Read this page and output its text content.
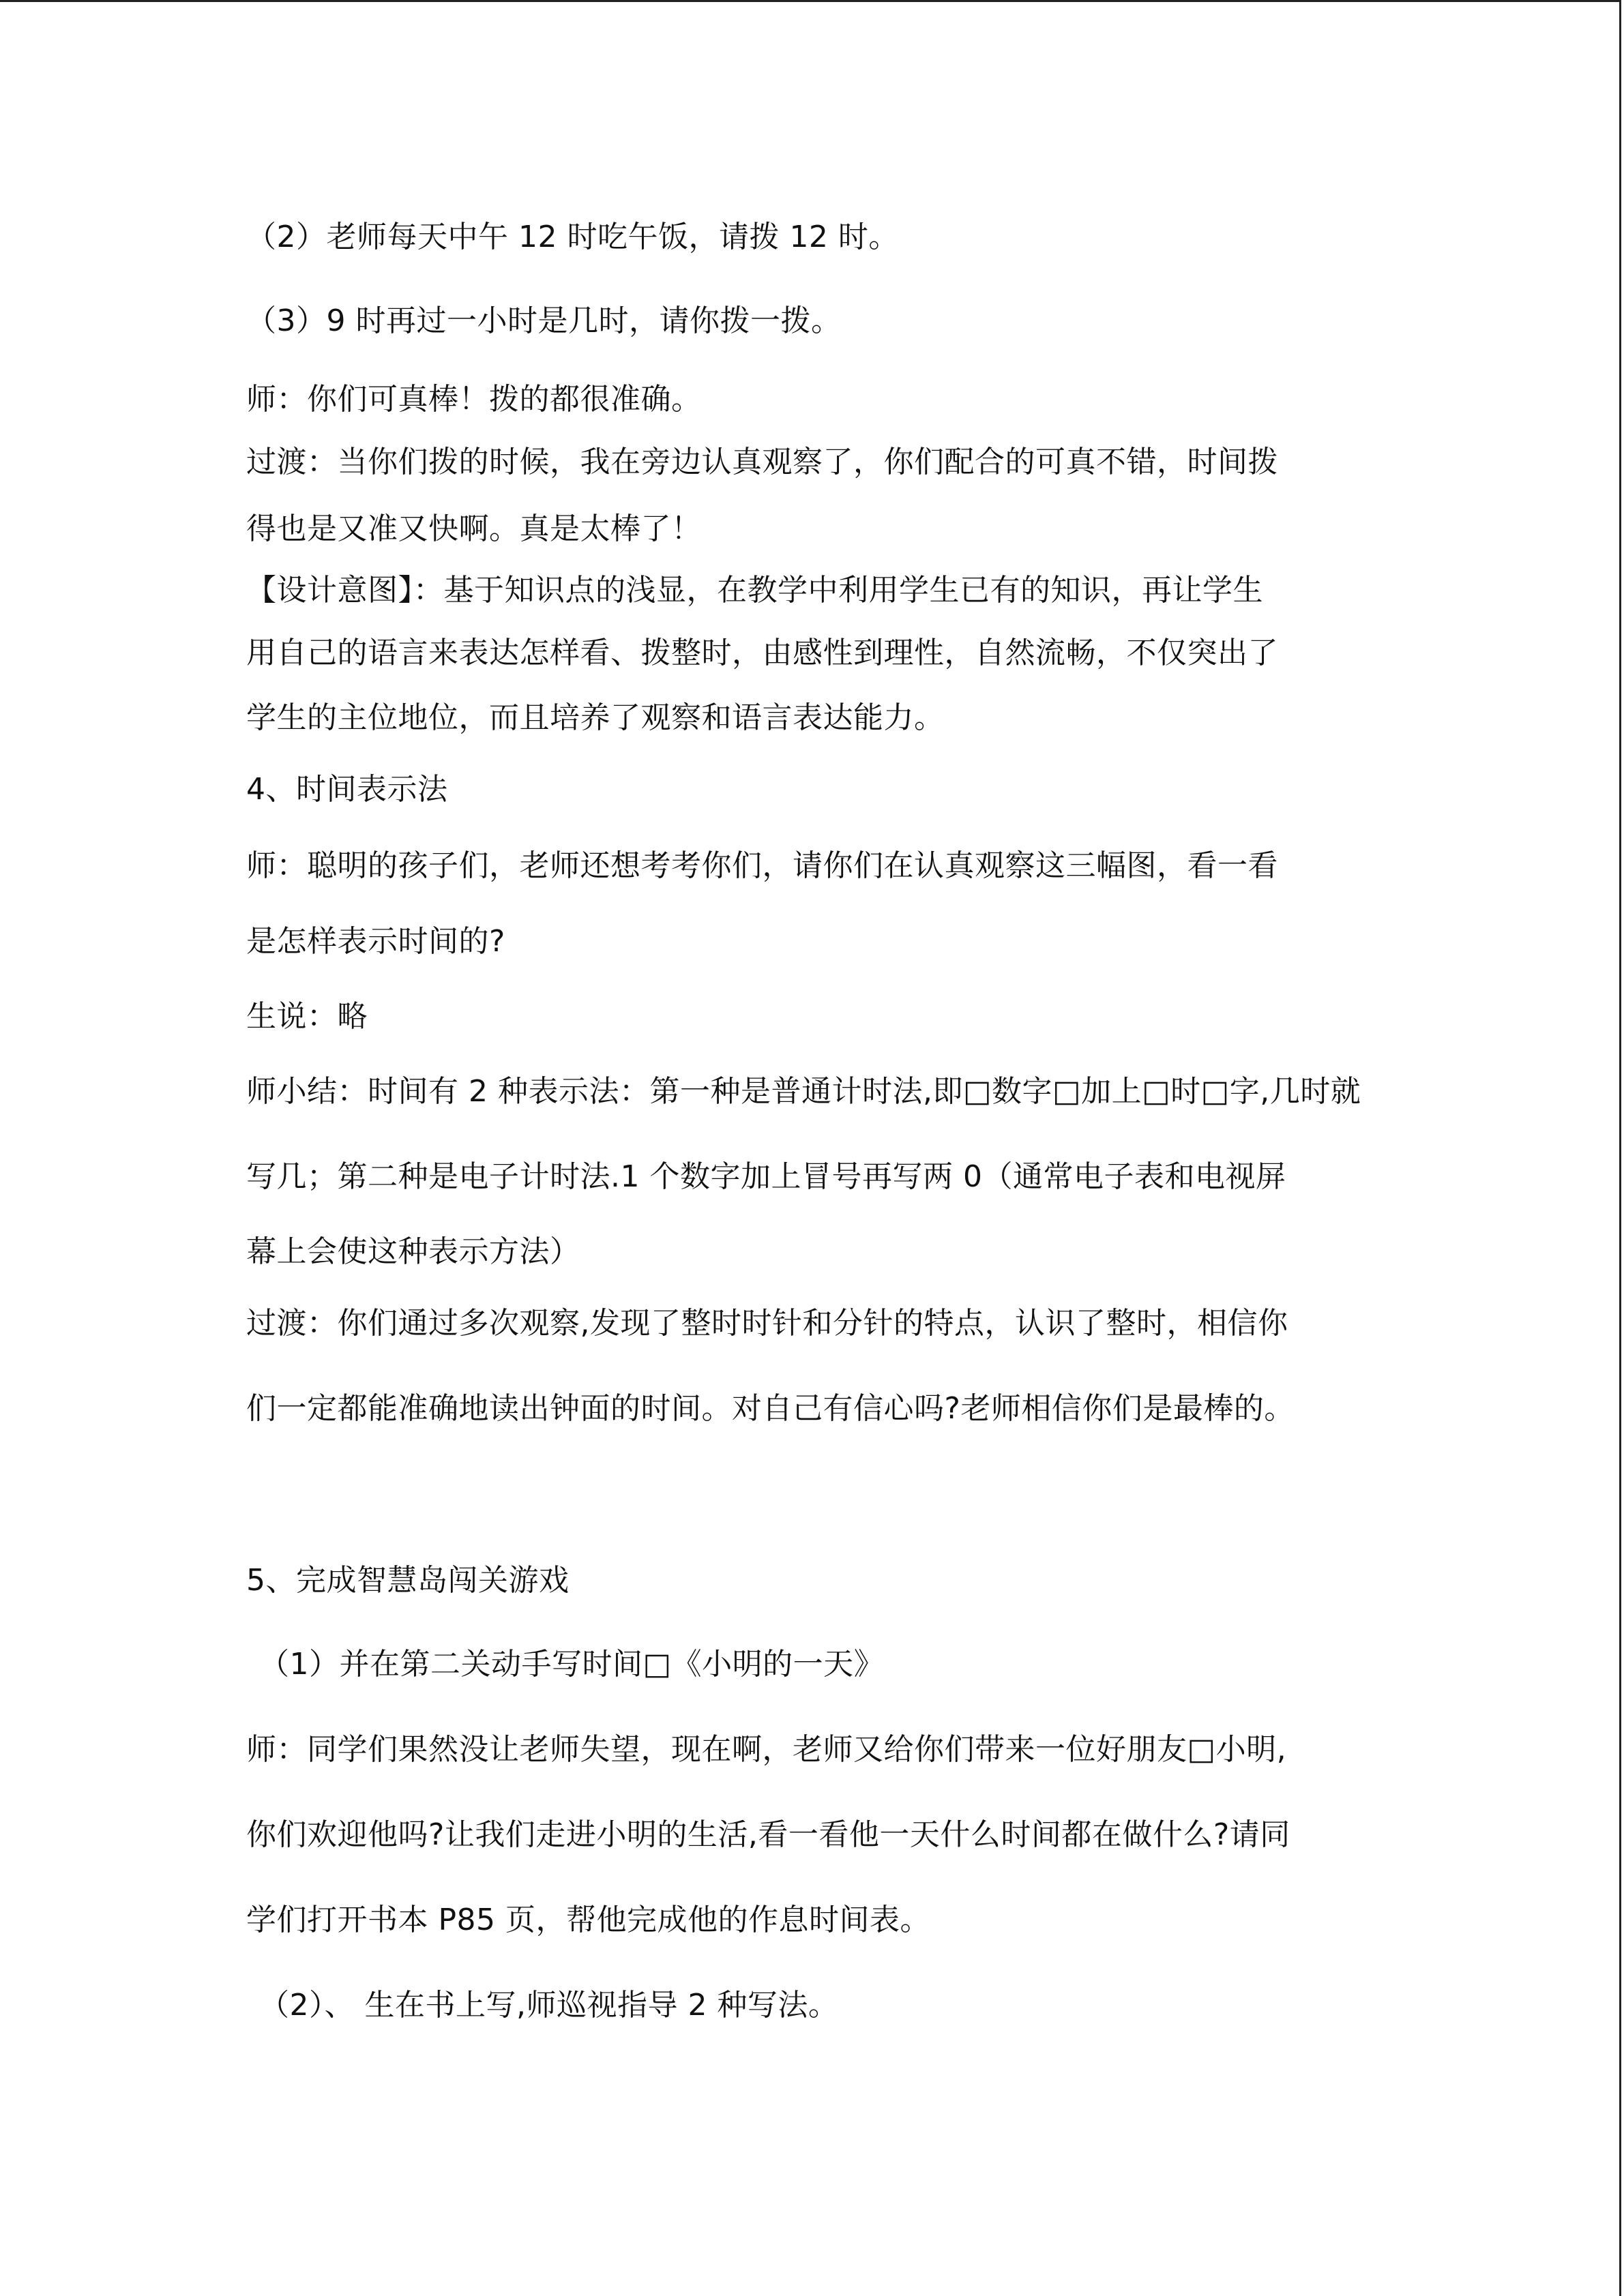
（2）老师每天中午 12 时吃午饭，请拨 12 时。
（3）9 时再过一小时是几时，请你拨一拨。
师：你们可真棒！拨的都很准确。
过渡：当你们拨的时候，我在旁边认真观察了，你们配合的可真不错，时间拨
得也是又准又快啊。真是太棒了！
【设计意图】：基于知识点的浅显，在教学中利用学生已有的知识，再让学生
用自己的语言来表达怎样看、拨整时，由感性到理性，自然流畅，不仅突出了
学生的主位地位，而且培养了观察和语言表达能力。
4、时间表示法
师：聪明的孩子们，老师还想考考你们，请你们在认真观察这三幅图，看一看
是怎样表示时间的?
生说：略
师小结：时间有 2 种表示法：第一种是普通计时法,即□数字□加上□时□字,几时就
写几；第二种是电子计时法.1 个数字加上冒号再写两 0（通常电子表和电视屏
幕上会使这种表示方法）
过渡：你们通过多次观察,发现了整时时针和分针的特点，认识了整时，相信你
们一定都能准确地读出钟面的时间。对自己有信心吗?老师相信你们是最棒的。
5、完成智慧岛闯关游戏
（1）并在第二关动手写时间□《小明的一天》
师：同学们果然没让老师失望，现在啊，老师又给你们带来一位好朋友□小明,
你们欢迎他吗?让我们走进小明的生活,看一看他一天什么时间都在做什么?请同
学们打开书本 P85 页，帮他完成他的作息时间表。
（2）、 生在书上写,师巡视指导 2 种写法。
